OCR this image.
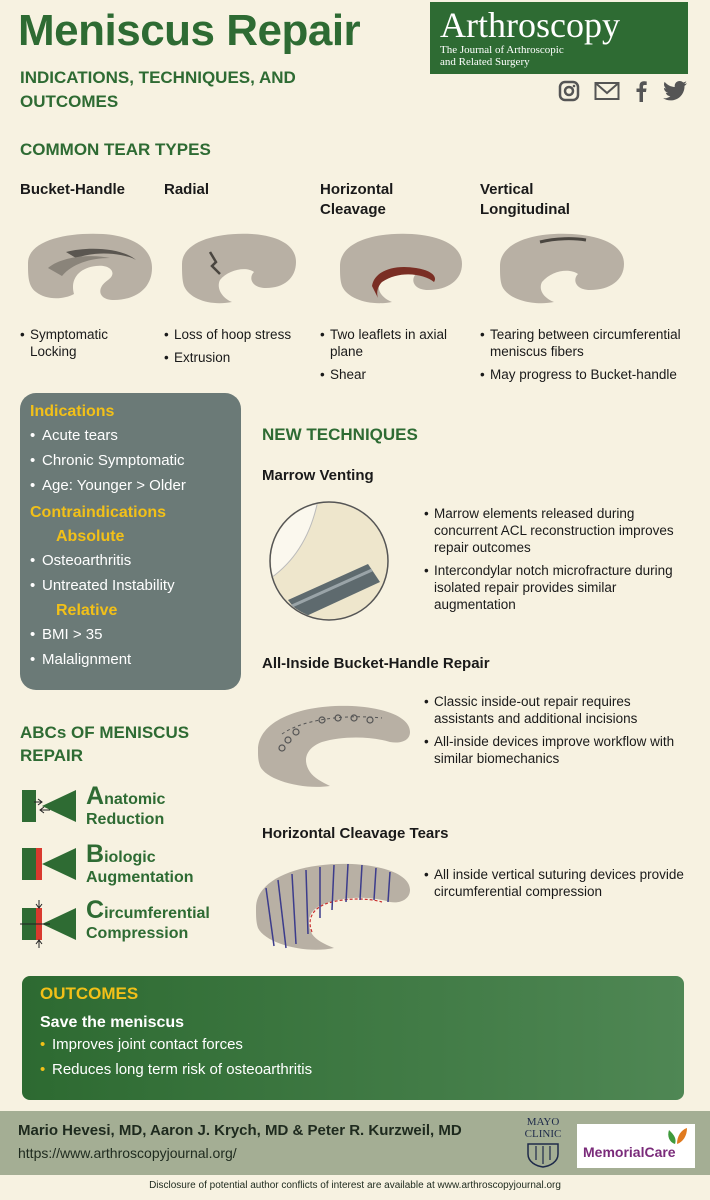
Meniscus Repair
INDICATIONS, TECHNIQUES, AND OUTCOMES
Arthroscopy
The Journal of Arthroscopic
and Related Surgery
COMMON TEAR TYPES
Bucket-Handle	Radial	Horizontal Cleavage
Vertical Longitudinal
• Symptomatic Locking
• Loss of hoop stress
• Extrusion
• Two leaflets in axial plane
• Shear
• Tearing between circumferential meniscus fibers
• May progress to Bucket-handle
Indications
• Acute tears
• Chronic Symptomatic
• Age: Younger > Older
Contraindications
Absolute
• Osteoarthritis
• Untreated Instability
Relative
• BMI > 35
• Malalignment
NEW TECHNIQUES
Marrow Venting
• Marrow elements released during concurrent ACL reconstruction improves repair outcomes
• Intercondylar notch microfracture during isolated repair provides similar augmentation
All-Inside Bucket-Handle Repair
• Classic inside-out repair requires assistants and additional incisions
• All-inside devices improve workflow with similar biomechanics
Horizontal Cleavage Tears
• All inside vertical suturing devices provide circumferential compression
ABCs OF MENISCUS
REPAIR
Anatomic
Reduction
Biologic
Augmentation
Circumferential
Compression
OUTCOMES
Save the meniscus
• Improves joint contact forces
• Reduces long term risk of osteoarthritis
Mario Hevesi, MD, Aaron J. Krych, MD & Peter R. Kurzweil, MD
https://www.arthroscopyjournal.org/
MAYO
CLINIC
MemorialCare
Disclosure of potential author conflicts of interest are available at www.arthroscopyjournal.org
